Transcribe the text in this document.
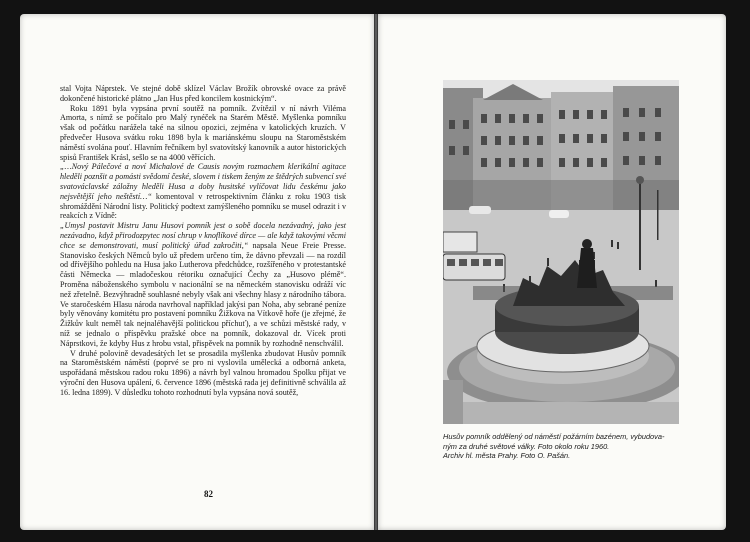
stal Vojta Náprstek. Ve stejné době sklízel Václav Brožík obrovské ovace za právě dokončené historické plátno „Jan Hus před koncilem kostnickým“.

Roku 1891 byla vypsána první soutěž na pomník. Zvítězil v ní návrh Viléma Amorta, s nímž se počítalo pro Malý rynéček na Starém Městě. Myšlenka pomníku však od počátku narážela také na silnou opozici, zejména v katolických kruzích. V předvečer Husova svátku roku 1898 byla k mariánskému sloupu na Staroměstském náměstí svolána pouť. Hlavním řečníkem byl svatovítský kanovník a autor historických spisů František Krásl, sešlo se na 4000 věřících.

„…Nový Pálečové a noví Michalové de Causis novým rozmachem klerikální agitace hleděli poznšit a pomásti svědomí české, slovem i tiskem ženým ze štědrých subvencí své svatováclavské záložny hleděli Husa a doby husitské vylíčovat lidu českému jako nejsvětější jeho neštěstí…“ komentoval v retrospektivním článku z roku 1903 tisk shromáždění Národní listy. Politický podtext zamýšleného pomníku se musel odrazit i v reakcích z Vídně:

„Umysl postavit Mistru Janu Husovi pomník jest o sobě docela nezávadný, jako jest nezávadno, když přirodozpytec nosí chrup v knoflíkové dírce — ale když takovými věcmi chce se demonstrovati, musí politický úřad zakročiti,“ napsala Neue Freie Presse. Stanovisko českých Němců bylo už předem určeno tím, že dávno převzali — na rozdíl od dřívějšího pohledu na Husa jako Lutherova předchůdce, rozšířeného v protestantské části Německa — mladočeskou rétoriku označující Čechy za „Husovo plémě“. Proměna náboženského symbolu v nacionální se na německém stanovisku odráží víc než zřetelně. Bezvýhradně souhlasné nebyly však ani všechny hlasy z národního tábora. Ve staročeském Hlasu národa navrhoval například jakýsi pan Noha, aby sebrané peníze byly věnovány komitétu pro postavení pomníku Žižkova na Vítkově hoře (je zřejmé, že Žižkův kult neměl tak nejnaléhavější politickou příchuť), a ve schůzi městské rady, v níž se jednalo o příspěvku pražské obce na pomník, dokazoval dr. Vícek proti Náprstkovi, že kdyby Hus z hrobu vstal, přispěvek na pomník by rozhodně nenschválil.

V druhé polovině devadesátých let se prosadila myšlenka zbudovat Husův pomník na Staroměstském náměstí (poprvé se pro ni vyslovila umělecká a odborná anketa, uspořádaná městskou radou roku 1896) a návrh byl valnou hromadou Spolku přijat ve výroční den Husova upálení, 6. července 1896 (městská rada jej definitivně schválila až 16. ledna 1899). V důsledku tohoto rozhodnutí byla vypsána nová soutěž,

82
Husův pomník oddělený od náměstí požárním bazénem, vybudova-
ným za druhé světové války. Foto okolo roku 1960.
Archiv hl. města Prahy. Foto O. Pašán.
